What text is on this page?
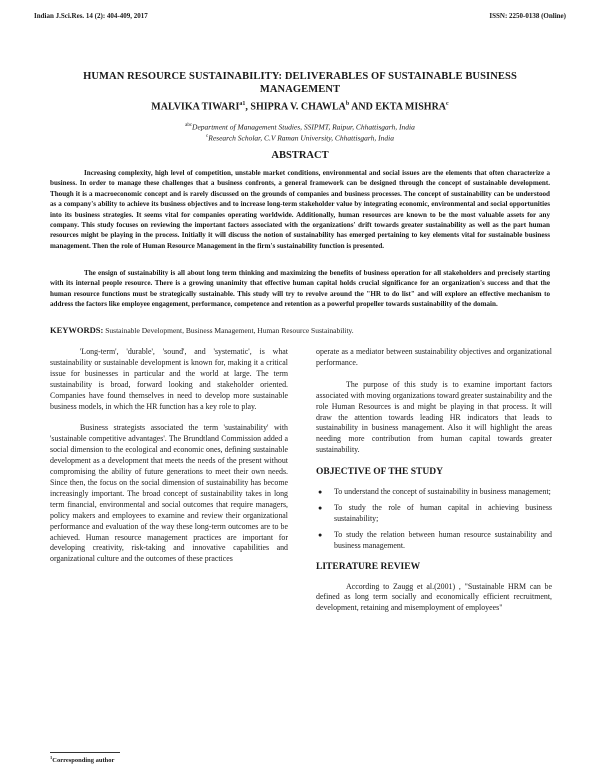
Indian J.Sci.Res. 14 (2): 404-409, 2017	ISSN: 2250-0138 (Online)
HUMAN RESOURCE SUSTAINABILITY: DELIVERABLES OF SUSTAINABLE BUSINESS MANAGEMENT
MALVIKA $TIWARI^{a1}$, SHIPRA V. CHAWLA$^b$ AND EKTA MISHRA$^c$
$^{abc}$Department of Management Studies, SSIPMT, Raipur, Chhattisgarh, India
$^c$Research Scholar, C.V Raman University, Chhattisgarh, India
ABSTRACT

Increasing complexity, high level of competition, unstable market conditions, environmental and social issues are the elements that often characterize a business. In order to manage these challenges that a business confronts, a general framework can be designed through the concept of sustainable development. Though it is a macroeconomic concept and is rarely discussed on the grounds of companies and business processes. The concept of sustainability can be understood as a company's ability to achieve its business objectives and to increase long-term stakeholder value by integrating economic, environmental and social opportunities into its business strategies. It seems vital for companies operating worldwide. Additionally, human resources are known to be the most valuable assets for any company. This study focuses on reviewing the important factors associated with the organizations' drift towards greater sustainability as well as the part human resources might be playing in the process. Initially it will discuss the notion of sustainability has emerged pertaining to key elements vital for sustainable business management. Then the role of Human Resource Management in the firm's sustainability function is presented.

The ensign of sustainability is all about long term thinking and maximizing the benefits of business operation for all stakeholders and precisely starting with its internal people resource. There is a growing unanimity that effective human capital holds crucial significance for an organization's success and that the human resource functions must be strategically sustainable. This study will try to revolve around the "HR to do list" and will explore an effective mechanism to address the factors like employee engagement, performance, competence and retention as a powerful propeller towards sustainability of the domain.

KEYWORDS: Sustainable Development, Business Management, Human Resource Sustainability.

'Long-term', 'durable', 'sound', and 'systematic', is what sustainability or sustainable development is known for, making it a critical issue for businesses in particular and the world at large. The term sustainability is broad, forward looking and stakeholder oriented. Companies have found themselves in need to develop more sustainable business models, in which the HR function has a key role to play.

Business strategists associated the term 'sustainability' with 'sustainable competitive advantages'. The Brundtland Commission added a social dimension to the ecological and economic ones, defining sustainable development as a development that meets the needs of the present without compromising the ability of future generations to meet their own needs. Since then, the focus on the social dimension of sustainability has become increasingly important. The broad concept of sustainability takes in long term financial, environmental and social outcomes that require managers, policy makers and employees to examine and review their organizational performance and evaluation of the way these long-term outcomes are to be achieved. Human resource management practices are important for developing creativity, risk-taking and innovative capabilities and organizational culture and the outcomes of these practices

operate as a mediator between sustainability objectives and organizational performance.

The purpose of this study is to examine important factors associated with moving organizations toward greater sustainability and the role Human Resources is and might be playing in that process. It will draw the attention towards leading HR indicators that leads to sustainability in business management. Also it will highlight the areas needing more contribution from human capital towards greater sustainability.

OBJECTIVE OF THE STUDY
● To understand the concept of sustainability in business management;
● To study the role of human capital in achieving business sustainability;
● To study the relation between human resource sustainability and business management.
LITERATURE REVIEW

According to Zaugg et al.(2001) , "Sustainable HRM can be defined as long term socially and economically efficient recruitment, development, retaining and misemployment of employees"

$^1$Corresponding author
